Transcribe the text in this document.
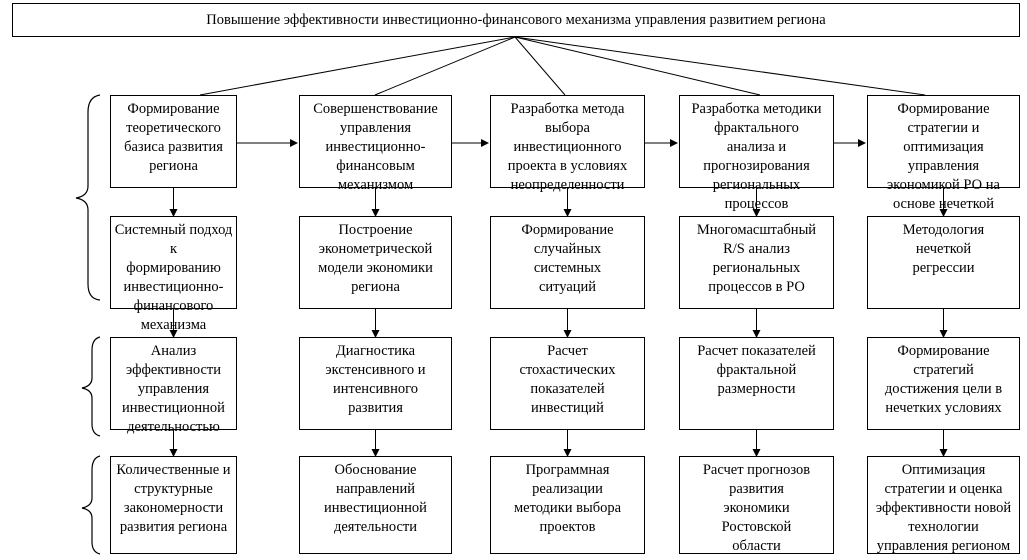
Повышение эффективности инвестиционно-финансового механизма управления развитием региона
Формирование
теоретического
базиса развития
региона
Системный подход к
формированию
инвестиционно-
финансового
механизма
Анализ
эффективности
управления
инвестиционной
деятельностью
Количественные и
структурные
закономерности
развития региона
Совершенствование
управления
инвестиционно-
финансовым
механизмом
Построение
эконометрической
модели экономики
региона
Диагностика
экстенсивного и
интенсивного
развития
Обоснование
направлений
инвестиционной
деятельности
Разработка метода
выбора
инвестиционного
проекта в условиях
неопределенности
Формирование
случайных
системных
ситуаций
Расчет
стохастических
показателей
инвестиций
Программная
реализации
методики выбора
проектов
Разработка методики
фрактального
анализа и
прогнозирования
региональных
процессов
Многомасштабный
R/S анализ
региональных
процессов в РО
Расчет показателей
фрактальной
размерности
Расчет прогнозов
развития
экономики
Ростовской
области
Формирование
стратегии и
оптимизация
управления
экономикой РО на
основе нечеткой
Методология
нечеткой
регрессии
Формирование
стратегий
достижения цели в
нечетких условиях
Оптимизация
стратегии и оценка
эффективности новой
технологии
управления регионом
